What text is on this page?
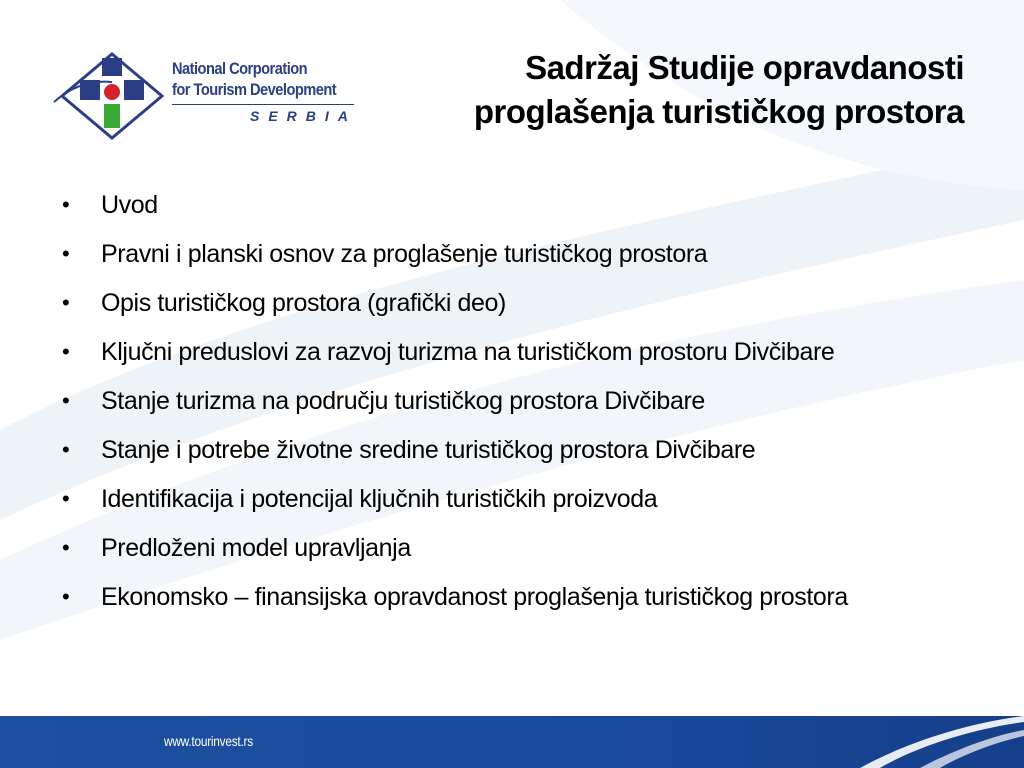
National Corporation
for Tourism Development
SERBIA
Sadržaj Studije opravdanosti
proglašenja turističkog prostora
• Uvod
• Pravni i planski osnov za proglašenje turističkog prostora
• Opis turističkog prostora (grafički deo)
• Ključni preduslovi za razvoj turizma na turističkom prostoru Divčibare
• Stanje turizma na području turističkog prostora Divčibare
• Stanje i potrebe životne sredine turističkog prostora Divčibare
• Identifikacija i potencijal ključnih turističkih proizvoda
• Predloženi model upravljanja
• Ekonomsko – finansijska opravdanost proglašenja turističkog prostora
www.tourinvest.rs
